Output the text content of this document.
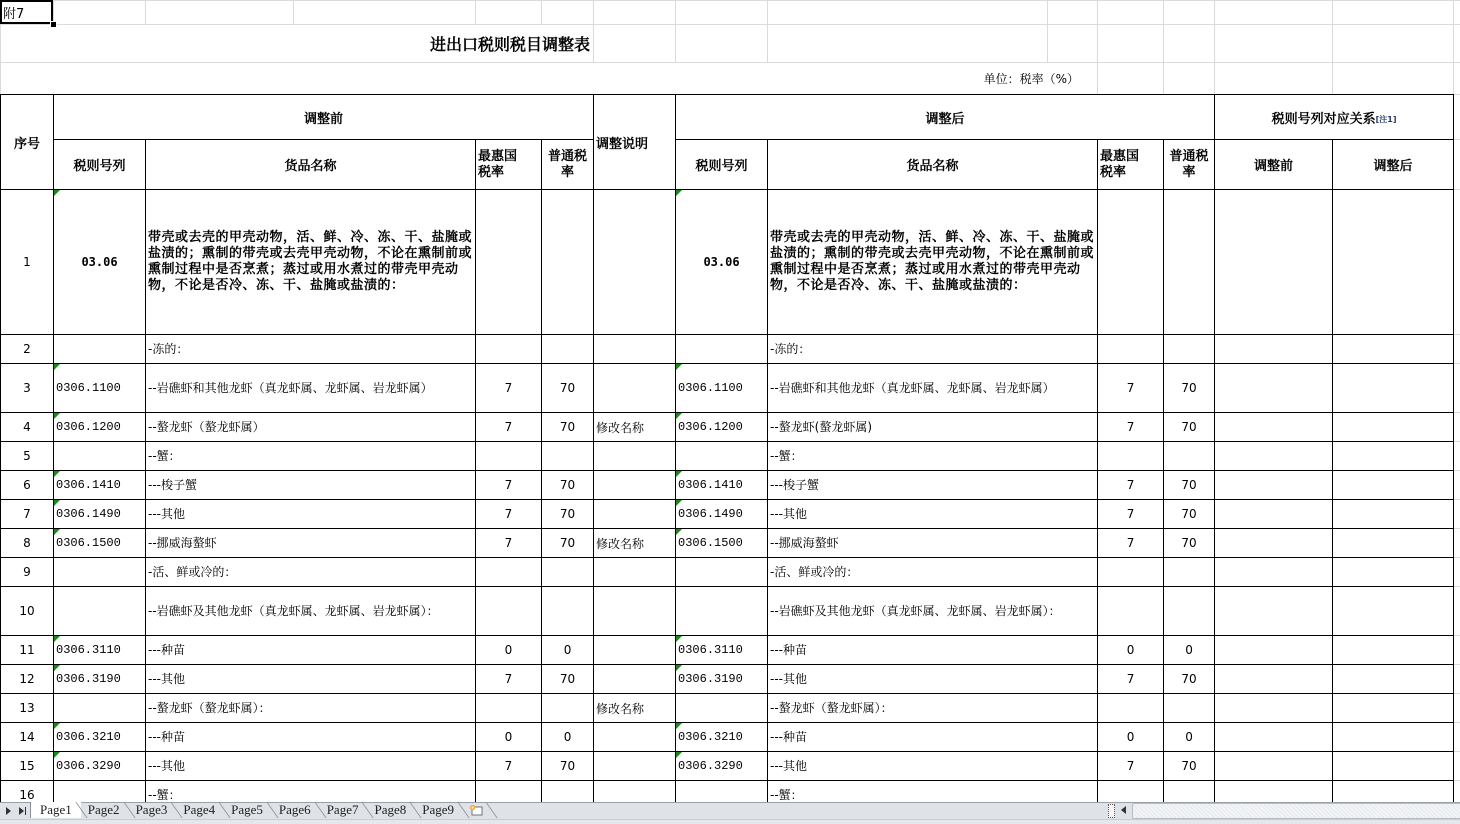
附7														
进出口税则税目调整表														
单位：税率（%）														
序号	调整前				调整说明	调整后				税则号列对应关系[注1]		
	税则号列	货品名称	最惠国税率	普通税率		税则号列	货品名称	最惠国税率	普通税率	调整前	调整后	
1	03.06	带壳或去壳的甲壳动物，活、鲜、冷、冻、干、盐腌或盐渍的；熏制的带壳或去壳甲壳动物，不论在熏制前或熏制过程中是否烹煮；蒸过或用水煮过的带壳甲壳动物，不论是否冷、冻、干、盐腌或盐渍的：				03.06	带壳或去壳的甲壳动物，活、鲜、冷、冻、干、盐腌或盐渍的；熏制的带壳或去壳甲壳动物，不论在熏制前或熏制过程中是否烹煮；蒸过或用水煮过的带壳甲壳动物，不论是否冷、冻、干、盐腌或盐渍的：					
2		-冻的：					-冻的：					
3	0306.1100	--岩礁虾和其他龙虾（真龙虾属、龙虾属、岩龙虾属）	7	70		0306.1100	--岩礁虾和其他龙虾（真龙虾属、龙虾属、岩龙虾属）	7	70			
4	0306.1200	--螯龙虾（螯龙虾属）	7	70	修改名称	0306.1200	--螯龙虾(螯龙虾属)	7	70			
5		--蟹：					--蟹：					
6	0306.1410	---梭子蟹	7	70		0306.1410	---梭子蟹	7	70			
7	0306.1490	---其他	7	70		0306.1490	---其他	7	70			
8	0306.1500	--挪威海螯虾	7	70	修改名称	0306.1500	--挪威海螯虾	7	70			
9		-活、鲜或冷的：					-活、鲜或冷的：					
10		--岩礁虾及其他龙虾（真龙虾属、龙虾属、岩龙虾属）：					--岩礁虾及其他龙虾（真龙虾属、龙虾属、岩龙虾属）：					
11	0306.3110	---种苗	0	0		0306.3110	---种苗	0	0			
12	0306.3190	---其他	7	70		0306.3190	---其他	7	70			
13		--螯龙虾（螯龙虾属）：			修改名称		--螯龙虾（螯龙虾属）：					
14	0306.3210	---种苗	0	0		0306.3210	---种苗	0	0			
15	0306.3290	---其他	7	70		0306.3290	---其他	7	70			
16		--蟹：					--蟹：					
Page1 Page2 Page3 Page4 Page5 Page6 Page7 Page8 Page9
